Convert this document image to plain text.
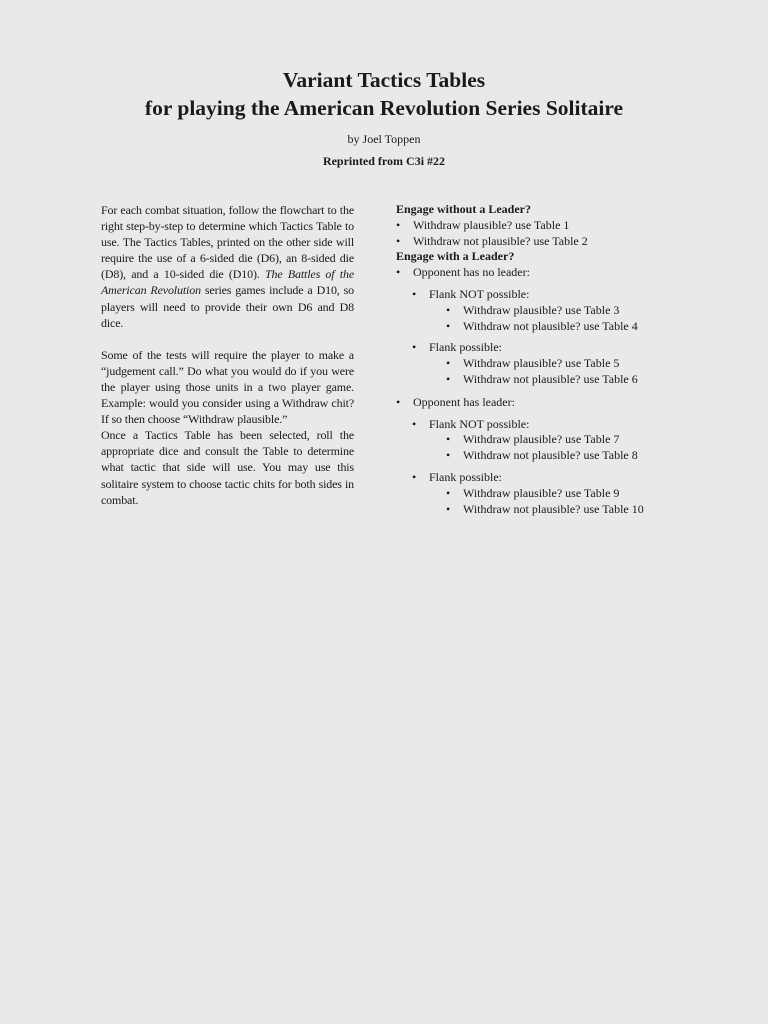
Variant Tactics Tables
for playing the American Revolution Series Solitaire
by Joel Toppen
Reprinted from C3i #22

For each combat situation, follow the flowchart to the right step-by-step to determine which Tactics Table to use. The Tactics Tables, printed on the other side will require the use of a 6-sided die (D6), an 8-sided die (D8), and a 10-sided die (D10). The Battles of the American Revolution series games include a D10, so players will need to provide their own D6 and D8 dice.

Some of the tests will require the player to make a “judgement call.” Do what you would do if you were the player using those units in a two player game. Example: would you consider using a Withdraw chit? If so then choose “Withdraw plausible.”

Once a Tactics Table has been selected, roll the appropriate dice and consult the Table to determine what tactic that side will use. You may use this solitaire system to choose tactic chits for both sides in combat.

Engage without a Leader?

• Withdraw plausible? use Table 1
• Withdraw not plausible? use Table 2

Engage with a Leader?

• Opponent has no leader:
• Flank NOT possible:
• Withdraw plausible? use Table 3
• Withdraw not plausible? use Table 4
• Flank possible:
• Withdraw plausible? use Table 5
• Withdraw not plausible? use Table 6
• Opponent has leader:
• Flank NOT possible:
• Withdraw plausible? use Table 7
• Withdraw not plausible? use Table 8
• Flank possible:
• Withdraw plausible? use Table 9
• Withdraw not plausible? use Table 10
